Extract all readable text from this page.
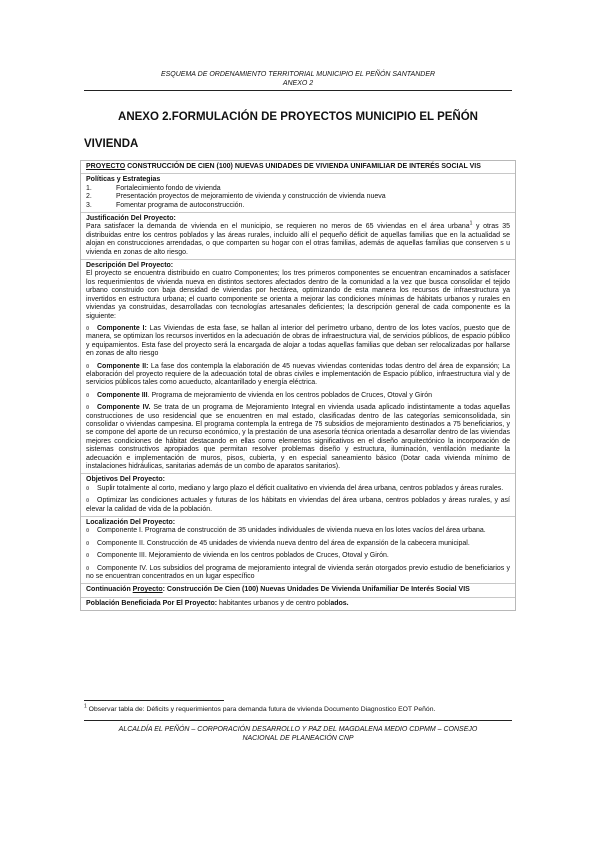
ESQUEMA DE ORDENAMIENTO TERRITORIAL MUNICIPIO EL PEÑÓN SANTANDER
ANEXO 2
ANEXO 2.FORMULACIÓN DE PROYECTOS MUNICIPIO EL PEÑÓN
VIVIENDA
PROYECTO CONSTRUCCIÓN DE CIEN (100) NUEVAS UNIDADES DE VIVIENDA UNIFAMILIAR DE INTERÉS SOCIAL VIS
Políticas y Estrategias
1.	Fortalecimiento fondo de vivienda
2.	Presentación proyectos de mejoramiento de vivienda y construcción de vivienda nueva
3.	Fomentar programa de autoconstrucción.
Justificación Del Proyecto:

Para satisfacer la demanda de vivienda en el municipio, se requieren no meros de 65 viviendas en el área urbana$^1$ y otras 35 distribuidas entre los centros poblados y las áreas rurales, incluido allí el pequeño déficit de aquellas familias que en la actualidad se alojan en construcciones arrendadas, o que comparten su hogar con el otras familias, además de aquellas familias que conserven s u vivienda en zonas de alto riesgo.

Descripción Del Proyecto:

El proyecto se encuentra distribuido en cuatro Componentes; los tres primeros componentes se encuentran encaminados a satisfacer los requerimientos de vivienda nueva en distintos sectores afectados dentro de la comunidad a la vez que busca consolidar el tejido urbano construido con baja densidad de viviendas por hectárea, optimizando de esta manera los recursos de infraestructura ya invertidos en estructura urbana; el cuarto componente se orienta a mejorar las condiciones mínimas de hábitats urbanos y rurales en viviendas ya construidas, desarrolladas con tecnologías artesanales deficientes; la descripción general de cada componente es la siguiente:

¤ Componente I: Las Viviendas de esta fase, se hallan al interior del perímetro urbano, dentro de los lotes vacíos, puesto que de manera, se optimizan los recursos invertidos en la adecuación de obras de infraestructura vial, de servicios públicos, de espacio público y equipamientos. Esta fase del proyecto será la encargada de alojar a todas aquellas familias que deban ser relocalizadas por hallarse en zonas de alto riesgo

¤ Componente II: La fase dos contempla la elaboración de 45 nuevas viviendas contenidas todas dentro del área de expansión; La elaboración del proyecto requiere de la adecuación total de obras civiles e implementación de Espacio público, infraestructura vial y de servicios públicos tales como acueducto, alcantarillado y energía eléctrica.

¤ Componente III. Programa de mejoramiento de vivienda en los centros poblados de Cruces, Otoval y Girón

¤ Componente IV. Se trata de un programa de Mejoramiento Integral en vivienda usada aplicado indistintamente a todas aquellas construcciones de uso residencial que se encuentren en mal estado, clasificadas dentro de las categorías semiconsolidada, sin consolidar o viviendas campesina. El programa contempla la entrega de 75 subsidios de mejoramiento destinados a 75 beneficiarios, y se compone del aporte de un recurso económico, y la prestación de una asesoría técnica orientada a desarrollar dentro de las viviendas mejores condiciones de hábitat destacando en ellas como elementos significativos en el diseño arquitectónico la incorporación de sistemas constructivos apropiados que permitan resolver problemas diseño y estructura, iluminación, ventilación mediante la adecuación e implementación de muros, pisos, cubierta, y en especial saneamiento básico (Dotar cada vivienda mínimo de instalaciones hidráulicas, sanitarias además de un combo de aparatos sanitarios).

Objetivos Del Proyecto:

¤ Suplir totalmente al corto, mediano y largo plazo el déficit cualitativo en vivienda del área urbana, centros poblados y áreas rurales.

¤ Optimizar las condiciones actuales y futuras de los hábitats en viviendas del área urbana, centros poblados y áreas rurales, y así elevar la calidad de vida de la población.

Localización Del Proyecto:

¤ Componente I. Programa de construcción de 35 unidades individuales de vivienda nueva en los lotes vacíos del área urbana.

¤ Componente II. Construcción de 45 unidades de vivienda nueva dentro del área de expansión de la cabecera municipal.

¤ Componente III. Mejoramiento de vivienda en los centros poblados de Cruces, Otoval y Girón.

¤ Componente IV. Los subsidios del programa de mejoramiento integral de vivienda serán otorgados previo estudio de beneficiarios y no se encuentran concentrados en un lugar específico

Continuación Proyecto: Construcción De Cien (100) Nuevas Unidades De Vivienda Unifamiliar De Interés Social VIS
Población Beneficiada Por El Proyecto: habitantes urbanos y de centro poblados.
$^1$ Observar tabla de: Déficits y requerimientos para demanda futura de vivienda Documento Diagnostico EOT Peñón.
ALCALDÍA EL PEÑÓN – CORPORACIÓN DESARROLLO Y PAZ DEL MAGDALENA MEDIO CDPMM – CONSEJO
NACIONAL DE PLANEACIÓN CNP
